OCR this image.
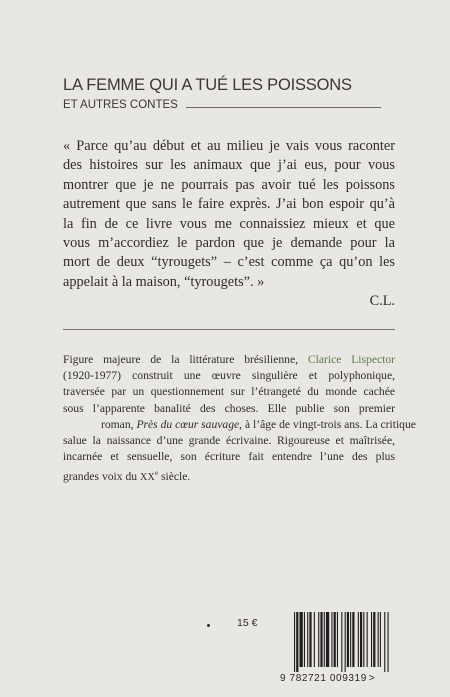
LA FEMME QUI A TUÉ LES POISSONS
ET AUTRES CONTES
« Parce qu’au début et au milieu je vais vous raconter
des histoires sur les animaux que j’ai eus, pour vous
montrer que je ne pourrais pas avoir tué les poissons
autrement que sans le faire exprès. J’ai bon espoir qu’à
la fin de ce livre vous me connaissiez mieux et que
vous m’accordiez le pardon que je demande pour la
mort de deux “tyrougets” – c’est comme ça qu’on les
appelait à la maison, “tyrougets”. »
C.L.
Figure majeure de la littérature brésilienne, Clarice Lispector
(1920-1977) construit une œuvre singulière et polyphonique,
traversée par un questionnement sur l’étrangeté du monde cachée
sous l’apparente banalité des choses. Elle publie son premier
roman, Près du cœur sauvage, à l’âge de vingt-trois ans. La critique
salue la naissance d’une grande écrivaine. Rigoureuse et maîtrisée,
incarnée et sensuelle, son écriture fait entendre l’une des plus
grandes voix du XXe siècle.
15 €
9 782721 009319 >
